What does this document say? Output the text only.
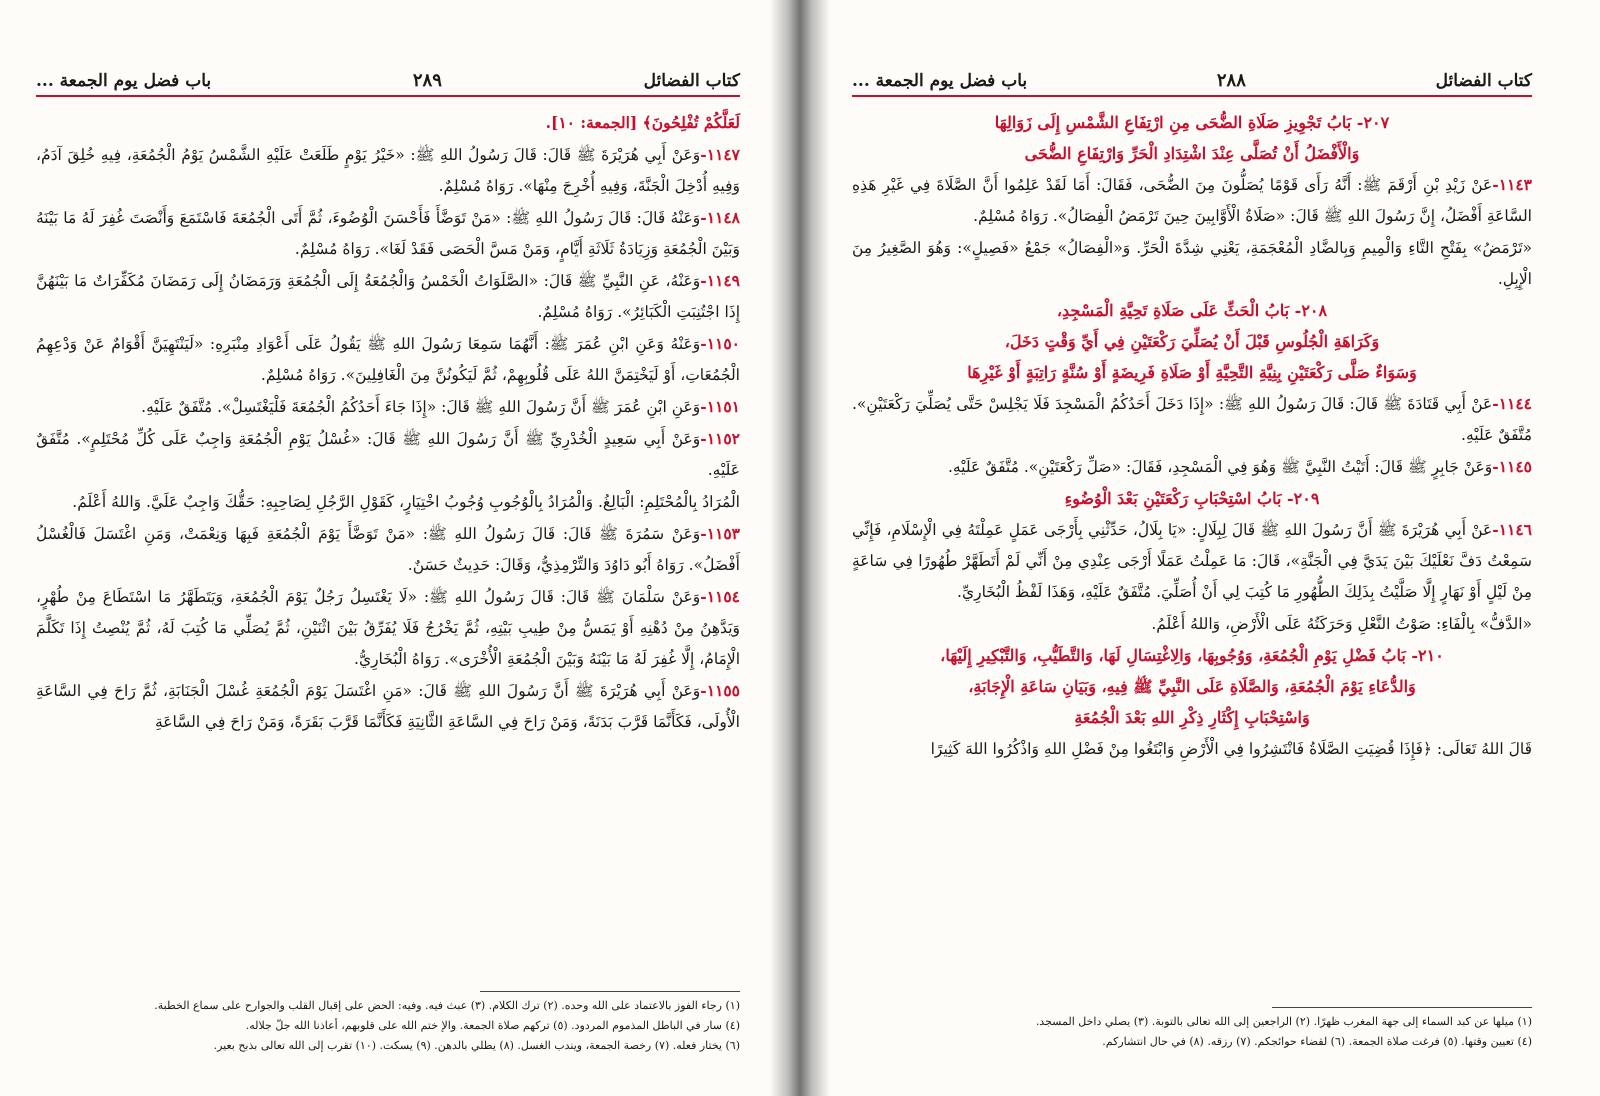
كتاب الفضائل
٢٨٩
باب فضل يوم الجمعة ...

لَعَلَّكُمْ تُفْلِحُونَ﴾ [الجمعة: ١٠].

١١٤٧-وَعَنْ أَبِي هُرَيْرَةَ ﷺ قَالَ: قَالَ رَسُولُ اللهِ ﷺ: «خَيْرُ يَوْمٍ طَلَعَتْ عَلَيْهِ الشَّمْسُ يَوْمُ الْجُمُعَةِ، فِيهِ خُلِقَ آدَمُ، وَفِيهِ أُدْخِلَ الْجَنَّةَ، وَفِيهِ أُخْرِجَ مِنْهَا». رَوَاهُ مُسْلِمٌ.

١١٤٨-وَعَنْهُ قَالَ: قَالَ رَسُولُ اللهِ ﷺ: «مَنْ تَوَضَّأَ فَأَحْسَنَ الْوُضُوءَ، ثُمَّ أَتَى الْجُمُعَةَ فَاسْتَمَعَ وَأَنْصَتَ غُفِرَ لَهُ مَا بَيْنَهُ وَبَيْنَ الْجُمُعَةِ وَزِيَادَةُ ثَلَاثَةِ أَيَّامٍ، وَمَنْ مَسَّ الْحَصَى فَقَدْ لَغَا». رَوَاهُ مُسْلِمٌ.

١١٤٩-وَعَنْهُ، عَنِ النَّبِيِّ ﷺ قَالَ: «الصَّلَوَاتُ الْخَمْسُ وَالْجُمُعَةُ إِلَى الْجُمُعَةِ وَرَمَضَانُ إِلَى رَمَضَانَ مُكَفِّرَاتٌ مَا بَيْنَهُنَّ إِذَا اجْتُنِبَتِ الْكَبَائِرُ». رَوَاهُ مُسْلِمٌ.

١١٥٠-وَعَنْهُ وَعَنِ ابْنِ عُمَرَ ﷺ: أَنَّهُمَا سَمِعَا رَسُولَ اللهِ ﷺ يَقُولُ عَلَى أَعْوَادِ مِنْبَرِهِ: «لَيَنْتَهِيَنَّ أَقْوَامٌ عَنْ وَدْعِهِمُ الْجُمُعَاتِ، أَوْ لَيَخْتِمَنَّ اللهُ عَلَى قُلُوبِهِمْ، ثُمَّ لَيَكُونُنَّ مِنَ الْغَافِلِينَ». رَوَاهُ مُسْلِمٌ.

١١٥١-وَعَنِ ابْنِ عُمَرَ ﷺ أَنَّ رَسُولَ اللهِ ﷺ قَالَ: «إِذَا جَاءَ أَحَدُكُمُ الْجُمُعَةَ فَلْيَغْتَسِلْ». مُتَّفَقٌ عَلَيْهِ.

١١٥٢-وَعَنْ أَبِي سَعِيدٍ الْخُدْرِيِّ ﷺ أَنَّ رَسُولَ اللهِ ﷺ قَالَ: «غُسْلُ يَوْمِ الْجُمُعَةِ وَاجِبٌ عَلَى كُلِّ مُحْتَلِمٍ». مُتَّفَقٌ عَلَيْهِ.

الْمُرَادُ بِالْمُحْتَلِمِ: الْبَالِغُ. وَالْمُرَادُ بِالْوُجُوبِ وُجُوبُ اخْتِيَارٍ، كَقَوْلِ الرَّجُلِ لِصَاحِبِهِ: حَقُّكَ وَاجِبٌ عَلَيَّ. وَاللهُ أَعْلَمُ.

١١٥٣-وَعَنْ سَمُرَةَ ﷺ قَالَ: قَالَ رَسُولُ اللهِ ﷺ: «مَنْ تَوَضَّأَ يَوْمَ الْجُمُعَةِ فَبِهَا وَنِعْمَتْ، وَمَنِ اغْتَسَلَ فَالْغُسْلُ أَفْضَلُ». رَوَاهُ أَبُو دَاوُدَ وَالتِّرْمِذِيُّ، وَقَالَ: حَدِيثٌ حَسَنٌ.

١١٥٤-وَعَنْ سَلْمَانَ ﷺ قَالَ: قَالَ رَسُولُ اللهِ ﷺ: «لَا يَغْتَسِلُ رَجُلٌ يَوْمَ الْجُمُعَةِ، وَيَتَطَهَّرُ مَا اسْتَطَاعَ مِنْ طُهْرٍ، وَيَدَّهِنُ مِنْ دُهْنِهِ أَوْ يَمَسُّ مِنْ طِيبِ بَيْتِهِ، ثُمَّ يَخْرُجُ فَلَا يُفَرِّقُ بَيْنَ اثْنَيْنِ، ثُمَّ يُصَلِّي مَا كُتِبَ لَهُ، ثُمَّ يُنْصِتُ إِذَا تَكَلَّمَ الْإِمَامُ، إِلَّا غُفِرَ لَهُ مَا بَيْنَهُ وَبَيْنَ الْجُمُعَةِ الْأُخْرَى». رَوَاهُ الْبُخَارِيُّ.

١١٥٥-وَعَنْ أَبِي هُرَيْرَةَ ﷺ أَنَّ رَسُولَ اللهِ ﷺ قَالَ: «مَنِ اغْتَسَلَ يَوْمَ الْجُمُعَةِ غُسْلَ الْجَنَابَةِ، ثُمَّ رَاحَ فِي السَّاعَةِ الْأُولَى، فَكَأَنَّمَا قَرَّبَ بَدَنَةً، وَمَنْ رَاحَ فِي السَّاعَةِ الثَّانِيَةِ فَكَأَنَّمَا قَرَّبَ بَقَرَةً، وَمَنْ رَاحَ فِي السَّاعَةِ

(١) رجاء الفوز بالاعتماد على الله وحده. (٢) ترك الكلام. (٣) عبث فيه. وفيه: الحض على إقبال القلب والجوارح على سماع الخطبة.

(٤) سار في الباطل المذموم المردود. (٥) تركهم صلاة الجمعة. والإ ختم الله على قلوبهم، أعاذنا الله جلّ جلاله.

(٦) يختار فعله. (٧) رخصة الجمعة، ويندب الغسل. (٨) يطلي بالدهن. (٩) يسكت. (١٠) تقرب إلى الله تعالى بذبح بعير.

كتاب الفضائل
٢٨٨
باب فضل يوم الجمعة ...

٢٠٧- بَابُ تَجْوِيزِ صَلَاةِ الضُّحَى مِنِ ارْتِفَاعِ الشَّمْسِ إِلَى زَوَالِهَا

وَالْأَفْضَلُ أَنْ تُصَلَّى عِنْدَ اشْتِدَادِ الْحَرِّ وَارْتِفَاعِ الضُّحَى

١١٤٣-عَنْ زَيْدِ بْنِ أَرْقَمَ ﷺ: أَنَّهُ رَأَى قَوْمًا يُصَلُّونَ مِنَ الضُّحَى، فَقَالَ: أَمَا لَقَدْ عَلِمُوا أَنَّ الصَّلَاةَ فِي غَيْرِ هَذِهِ السَّاعَةِ أَفْضَلُ، إِنَّ رَسُولَ اللهِ ﷺ قَالَ: «صَلَاةُ الْأَوَّابِينَ حِينَ تَرْمَضُ الْفِصَالُ». رَوَاهُ مُسْلِمٌ.

«تَرْمَضُ» بِفَتْحِ التَّاءِ وَالْمِيمِ وَبِالضَّادِ الْمُعْجَمَةِ، يَعْنِي شِدَّةَ الْحَرِّ. وَ«الْفِصَالُ» جَمْعُ «فَصِيلٍ»: وَهُوَ الصَّغِيرُ مِنَ الْإِبِلِ.

٢٠٨- بَابُ الْحَثِّ عَلَى صَلَاةِ تَحِيَّةِ الْمَسْجِدِ،

وَكَرَاهَةِ الْجُلُوسِ قَبْلَ أَنْ يُصَلِّيَ رَكْعَتَيْنِ فِي أَيِّ وَقْتٍ دَخَلَ،

وَسَوَاءٌ صَلَّى رَكْعَتَيْنِ بِنِيَّةِ التَّحِيَّةِ أَوْ صَلَاةِ فَرِيضَةٍ أَوْ سُنَّةٍ رَاتِبَةٍ أَوْ غَيْرِهَا

١١٤٤-عَنْ أَبِي قَتَادَةَ ﷺ قَالَ: قَالَ رَسُولُ اللهِ ﷺ: «إِذَا دَخَلَ أَحَدُكُمُ الْمَسْجِدَ فَلَا يَجْلِسْ حَتَّى يُصَلِّيَ رَكْعَتَيْنِ». مُتَّفَقٌ عَلَيْهِ.

١١٤٥-وَعَنْ جَابِرٍ ﷺ قَالَ: أَتَيْتُ النَّبِيَّ ﷺ وَهُوَ فِي الْمَسْجِدِ، فَقَالَ: «صَلِّ رَكْعَتَيْنِ». مُتَّفَقٌ عَلَيْهِ.

٢٠٩- بَابُ اسْتِحْبَابِ رَكْعَتَيْنِ بَعْدَ الْوُضُوءِ

١١٤٦-عَنْ أَبِي هُرَيْرَةَ ﷺ أَنَّ رَسُولَ اللهِ ﷺ قَالَ لِبِلَالٍ: «يَا بِلَالُ، حَدِّثْنِي بِأَرْجَى عَمَلٍ عَمِلْتَهُ فِي الْإِسْلَامِ، فَإِنِّي سَمِعْتُ دَفَّ نَعْلَيْكَ بَيْنَ يَدَيَّ فِي الْجَنَّةِ»، قَالَ: مَا عَمِلْتُ عَمَلًا أَرْجَى عِنْدِي مِنْ أَنِّي لَمْ أَتَطَهَّرْ طُهُورًا فِي سَاعَةٍ مِنْ لَيْلٍ أَوْ نَهَارٍ إِلَّا صَلَّيْتُ بِذَلِكَ الطُّهُورِ مَا كُتِبَ لِي أَنْ أُصَلِّيَ. مُتَّفَقٌ عَلَيْهِ، وَهَذَا لَفْظُ الْبُخَارِيِّ.

«الدَّفُّ» بِالْفَاءِ: صَوْتُ النَّعْلِ وَحَرَكَتُهُ عَلَى الْأَرْضِ، وَاللهُ أَعْلَمُ.

٢١٠- بَابُ فَضْلِ يَوْمِ الْجُمُعَةِ، وَوُجُوبِهَا، وَالِاغْتِسَالِ لَهَا، وَالتَّطَيُّبِ، وَالتَّبْكِيرِ إِلَيْهَا،

وَالدُّعَاءِ يَوْمَ الْجُمُعَةِ، وَالصَّلَاةِ عَلَى النَّبِيِّ ﷺ فِيهِ، وَبَيَانِ سَاعَةِ الْإِجَابَةِ،

وَاسْتِحْبَابِ إِكْثَارِ ذِكْرِ اللهِ بَعْدَ الْجُمُعَةِ

قَالَ اللهُ تَعَالَى: ﴿فَإِذَا قُضِيَتِ الصَّلَاةُ فَانْتَشِرُوا فِي الْأَرْضِ وَابْتَغُوا مِنْ فَضْلِ اللهِ وَاذْكُرُوا اللهَ كَثِيرًا

(١) ميلها عن كبد السماء إلى جهة المغرب ظهرًا. (٢) الراجعين إلى الله تعالى بالتوبة. (٣) يصلي داخل المسجد.

(٤) تعيين وقتها. (٥) فرغت صلاة الجمعة. (٦) لقضاء حوائجكم. (٧) رزقه. (٨) في حال انتشاركم.
